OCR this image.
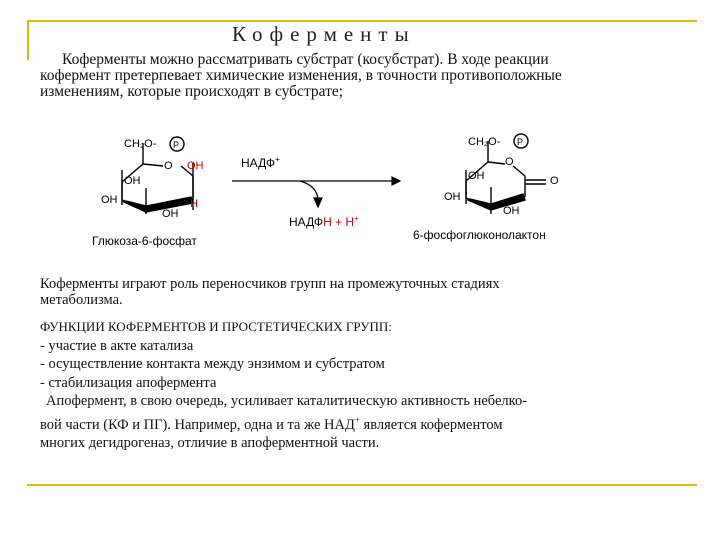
Коферменты

Коферменты можно рассматривать субстрат (косубстрат). В ходе реакции
кофермент претерпевает химические изменения, в точности противоположные
изменениям, которые происходят в субстрате;

CH₂O- P
O OH
OH
OH
OH
H
Глюкоза-6-фосфат
НАДФ+
НАДФH + H+
CH₂O- P
O
O
OH
OH
OH
6-фосфоглюконолактон

Коферменты играют роль переносчиков групп на промежуточных стадиях
метаболизма.

ФУНКЦИИ КОФЕРМЕНТОВ И ПРОСТЕТИЧЕСКИХ ГРУПП:
- участие в акте катализа
- осуществление контакта между энзимом и субстратом
- стабилизация апофермента
Апофермент, в свою очередь, усиливает каталитическую активность небелко-
вой части (КФ и ПГ). Например, одна и та же НАД+ является коферментом
многих дегидрогеназ, отличие в апоферментной части.
